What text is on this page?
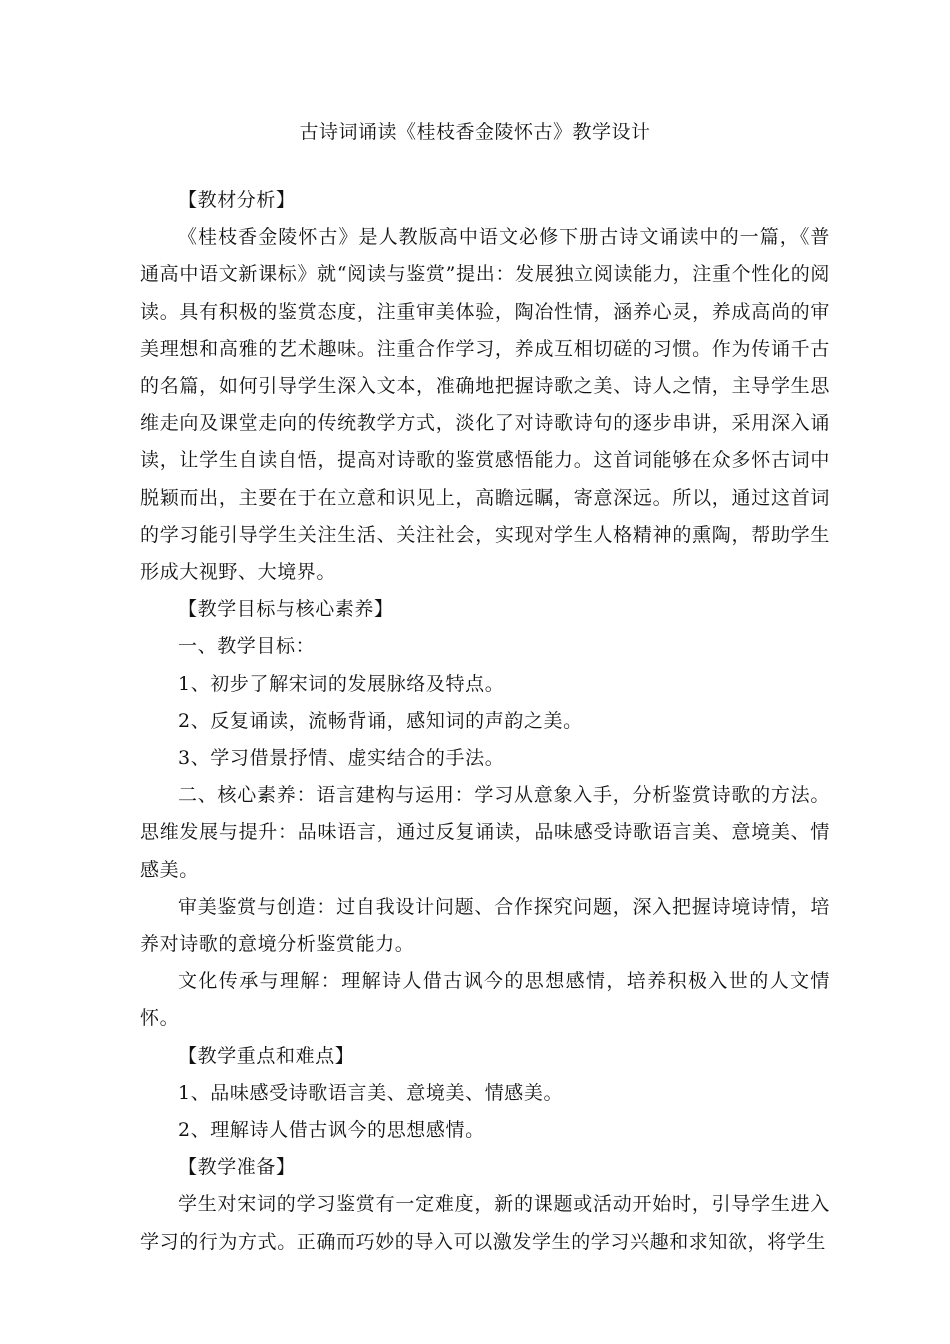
古诗词诵读《桂枝香金陵怀古》教学设计

【教材分析】

《桂枝香金陵怀古》是人教版高中语文必修下册古诗文诵读中的一篇，《普通高中语文新课标》就“阅读与鉴赏”提出：发展独立阅读能力，注重个性化的阅读。具有积极的鉴赏态度，注重审美体验，陶冶性情，涵养心灵，养成高尚的审美理想和高雅的艺术趣味。注重合作学习，养成互相切磋的习惯。作为传诵千古的名篇，如何引导学生深入文本，准确地把握诗歌之美、诗人之情，主导学生思维走向及课堂走向的传统教学方式，淡化了对诗歌诗句的逐步串讲，采用深入诵读，让学生自读自悟，提高对诗歌的鉴赏感悟能力。这首词能够在众多怀古词中脱颖而出，主要在于在立意和识见上，高瞻远瞩，寄意深远。所以，通过这首词的学习能引导学生关注生活、关注社会，实现对学生人格精神的熏陶，帮助学生形成大视野、大境界。

【教学目标与核心素养】

一、教学目标：

1、初步了解宋词的发展脉络及特点。

2、反复诵读，流畅背诵，感知词的声韵之美。

3、学习借景抒情、虚实结合的手法。

二、核心素养：语言建构与运用：学习从意象入手，分析鉴赏诗歌的方法。思维发展与提升：品味语言，通过反复诵读，品味感受诗歌语言美、意境美、情感美。

审美鉴赏与创造：过自我设计问题、合作探究问题，深入把握诗境诗情，培养对诗歌的意境分析鉴赏能力。

文化传承与理解：理解诗人借古讽今的思想感情，培养积极入世的人文情怀。

【教学重点和难点】

1、品味感受诗歌语言美、意境美、情感美。

2、理解诗人借古讽今的思想感情。

【教学准备】

学生对宋词的学习鉴赏有一定难度，新的课题或活动开始时，引导学生进入学习的行为方式。正确而巧妙的导入可以激发学生的学习兴趣和求知欲，将学生
